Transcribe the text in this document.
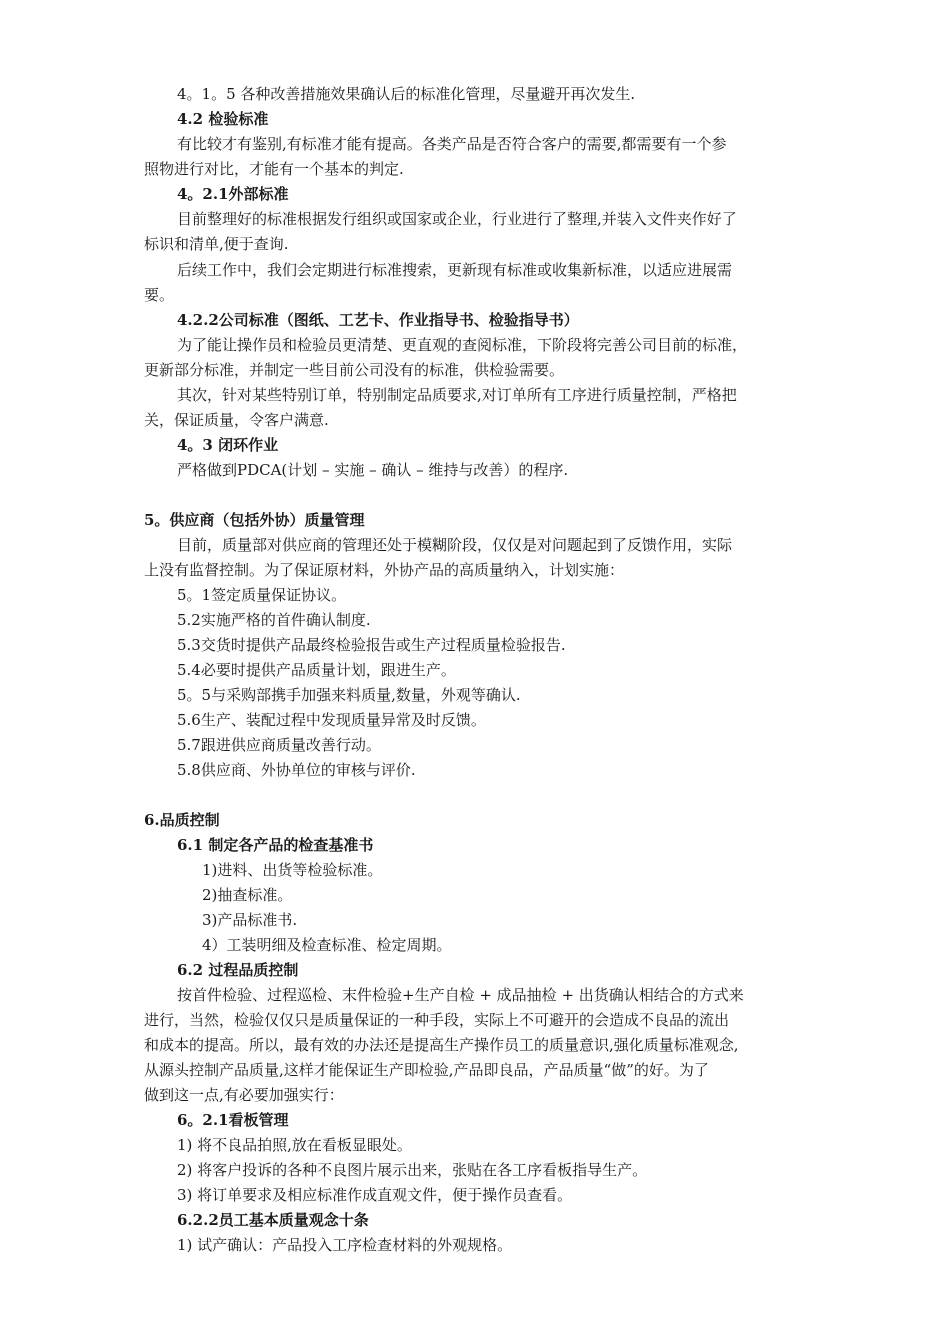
4。1。5 各种改善措施效果确认后的标准化管理，尽量避开再次发生.
4.2 检验标准
有比较才有鉴别,有标准才能有提高。各类产品是否符合客户的需要,都需要有一个参
照物进行对比，才能有一个基本的判定.
4。2.1外部标准
目前整理好的标准根据发行组织或国家或企业，行业进行了整理,并装入文件夹作好了
标识和清单,便于查询.
后续工作中，我们会定期进行标准搜索，更新现有标准或收集新标准，以适应进展需
要。
4.2.2公司标准（图纸、工艺卡、作业指导书、检验指导书）
为了能让操作员和检验员更清楚、更直观的查阅标准，下阶段将完善公司目前的标准，
更新部分标准，并制定一些目前公司没有的标准，供检验需要。
其次，针对某些特别订单，特别制定品质要求,对订单所有工序进行质量控制，严格把
关，保证质量，令客户满意.
4。3 闭环作业
严格做到PDCA(计划 – 实施 – 确认 – 维持与改善）的程序.
5。供应商（包括外协）质量管理
目前，质量部对供应商的管理还处于模糊阶段，仅仅是对问题起到了反馈作用，实际
上没有监督控制。为了保证原材料，外协产品的高质量纳入，计划实施：
5。1签定质量保证协议。
5.2实施严格的首件确认制度.
5.3交货时提供产品最终检验报告或生产过程质量检验报告.
5.4必要时提供产品质量计划，跟进生产。
5。5与采购部携手加强来料质量,数量，外观等确认.
5.6生产、装配过程中发现质量异常及时反馈。
5.7跟进供应商质量改善行动。
5.8供应商、外协单位的审核与评价.
6.品质控制
6.1 制定各产品的检查基准书
1)进料、出货等检验标准。
2)抽查标准。
3)产品标准书.
4）工装明细及检查标准、检定周期。
6.2 过程品质控制
按首件检验、过程巡检、末件检验+生产自检 + 成品抽检 + 出货确认相结合的方式来
进行，当然，检验仅仅只是质量保证的一种手段，实际上不可避开的会造成不良品的流出
和成本的提高。所以，最有效的办法还是提高生产操作员工的质量意识,强化质量标准观念,
从源头控制产品质量,这样才能保证生产即检验,产品即良品，产品质量“做”的好。为了
做到这一点,有必要加强实行：
6。2.1看板管理
1) 将不良品拍照,放在看板显眼处。
2) 将客户投诉的各种不良图片展示出来，张贴在各工序看板指导生产。
3) 将订单要求及相应标准作成直观文件，便于操作员查看。
6.2.2员工基本质量观念十条
1) 试产确认：产品投入工序检查材料的外观规格。
